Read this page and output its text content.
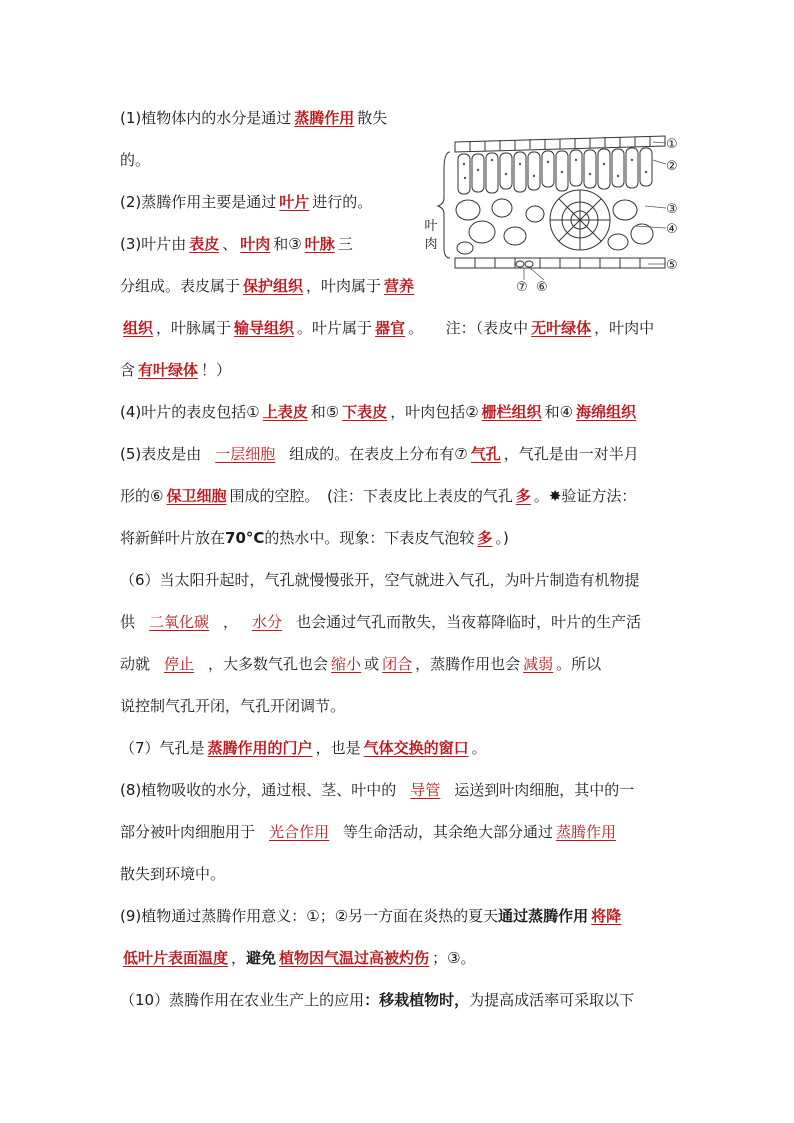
①
②
③
④
⑤
⑦ ⑥
叶肉
(1)植物体内的水分是通过 蒸腾作用 散失
的。
(2)蒸腾作用主要是通过 叶片 进行的。
(3)叶片由 表皮 、 叶肉 和③ 叶脉 三
分组成。表皮属于 保护组织 ，叶肉属于 营养
组织 ，叶脉属于 输导组织 。叶片属于 器官 。　　注：（表皮中 无叶绿体 ，叶肉中
含 有叶绿体 ！）
(4)叶片的表皮包括① 上表皮 和⑤ 下表皮 ，叶肉包括② 栅栏组织 和④ 海绵组织
(5)表皮是由 一层细胞 组成的。在表皮上分布有⑦ 气孔 ，气孔是由一对半月
形的⑥ 保卫细胞 围成的空腔。　(注：下表皮比上表皮的气孔 多 。✸验证方法：
将新鲜叶片放在70°C的热水中。现象：下表皮气泡较 多 。)
（6）当太阳升起时，气孔就慢慢张开，空气就进入气孔，为叶片制造有机物提
供 二氧化碳 ， 水分 也会通过气孔而散失，当夜幕降临时，叶片的生产活
动就 停止 ，大多数气孔也会 缩小 或 闭合 ，蒸腾作用也会 减弱 。所以
说控制气孔开闭，气孔开闭调节。
（7）气孔是 蒸腾作用的门户 ，也是 气体交换的窗口 。
(8)植物吸收的水分，通过根、茎、叶中的 导管 运送到叶肉细胞，其中的一
部分被叶肉细胞用于 光合作用 等生命活动，其余绝大部分通过 蒸腾作用
散失到环境中。
(9)植物通过蒸腾作用意义：①；②另一方面在炎热的夏天通过蒸腾作用 将降
低叶片表面温度 ，避免 植物因气温过高被灼伤 ；③。
（10）蒸腾作用在农业生产上的应用：移栽植物时，为提高成活率可采取以下
